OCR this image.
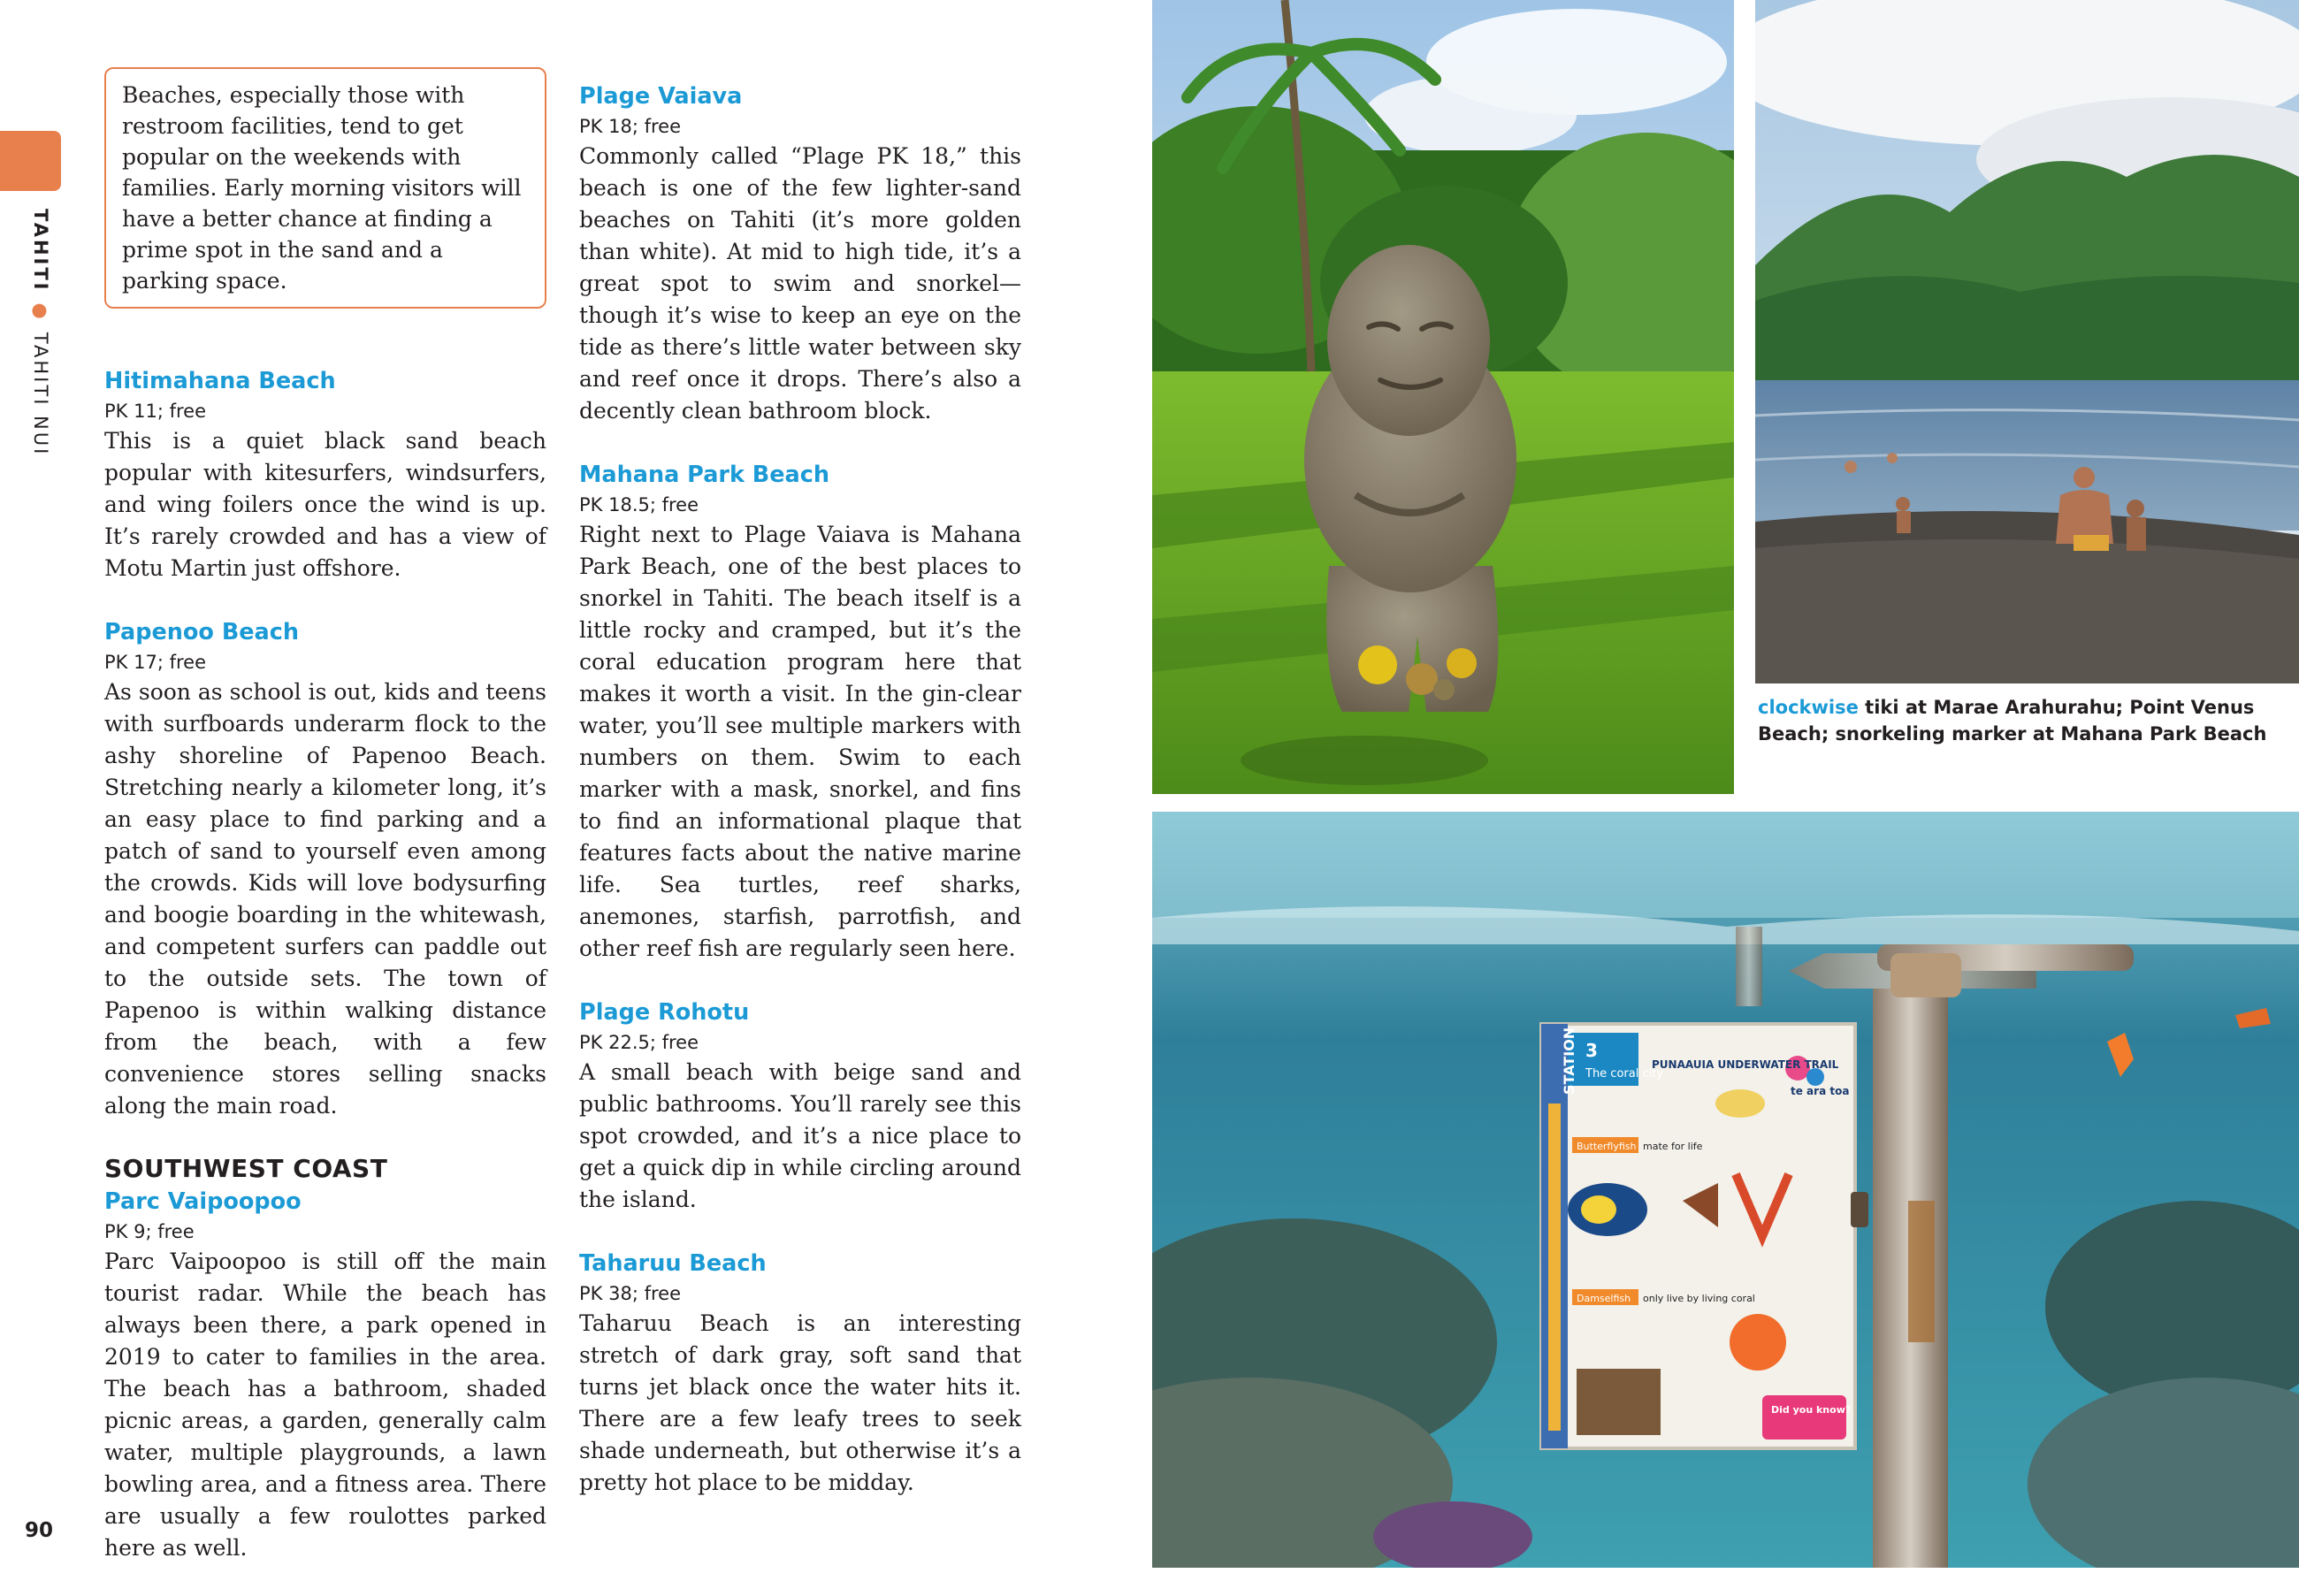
TAHITI●TAHITI NUI
Beaches, especially those with restroom facilities, tend to get popular on the weekends with families. Early morning visitors will have a better chance at finding a prime spot in the sand and a parking space.

Hitimahana Beach

PK 11; free

This is a quiet black sand beach popular with kitesurfers, windsurfers, and wing foilers once the wind is up. It’s rarely crowded and has a view of Motu Martin just offshore.

Papenoo Beach

PK 17; free

As soon as school is out, kids and teens with surfboards underarm flock to the ashy shoreline of Papenoo Beach. Stretching nearly a kilometer long, it’s an easy place to find parking and a patch of sand to yourself even among the crowds. Kids will love bodysurfing and boogie boarding in the whitewash, and competent surfers can paddle out to the outside sets. The town of Papenoo is within walking distance from the beach, with a few convenience stores selling snacks along the main road.

SOUTHWEST COAST

Parc Vaipoopoo

PK 9; free

Parc Vaipoopoo is still off the main tourist radar. While the beach has always been there, a park opened in 2019 to cater to families in the area. The beach has a bathroom, shaded picnic areas, a garden, generally calm water, multiple playgrounds, a lawn bowling area, and a fitness area. There are usually a few roulottes parked here as well.

Plage Vaiava

PK 18; free

Commonly called “Plage PK 18,” this beach is one of the few lighter-sand beaches on Tahiti (it’s more golden than white). At mid to high tide, it’s a great spot to swim and snorkel—though it’s wise to keep an eye on the tide as there’s little water between sky and reef once it drops. There’s also a decently clean bathroom block.

Mahana Park Beach

PK 18.5; free

Right next to Plage Vaiava is Mahana Park Beach, one of the best places to snorkel in Tahiti. The beach itself is a little rocky and cramped, but it’s the coral education program here that makes it worth a visit. In the gin-clear water, you’ll see multiple markers with numbers on them. Swim to each marker with a mask, snorkel, and fins to find an informational plaque that features facts about the native marine life. Sea turtles, reef sharks, anemones, starfish, parrotfish, and other reef fish are regularly seen here.

Plage Rohotu

PK 22.5; free

A small beach with beige sand and public bathrooms. You’ll rarely see this spot crowded, and it’s a nice place to get a quick dip in while circling around the island.

Taharuu Beach

PK 38; free

Taharuu Beach is an interesting stretch of dark gray, soft sand that turns jet black once the water hits it. There are a few leafy trees to seek shade underneath, but otherwise it’s a pretty hot place to be midday.

90
STATION 3
The coral city
PUNAAUIA UNDERWATER TRAIL
te ara toa
Butterflyfish mate for life
Damselfish only live by living coral
Did you know?
clockwise tiki at Marae Arahurahu; Point Venus Beach; snorkeling marker at Mahana Park Beach
